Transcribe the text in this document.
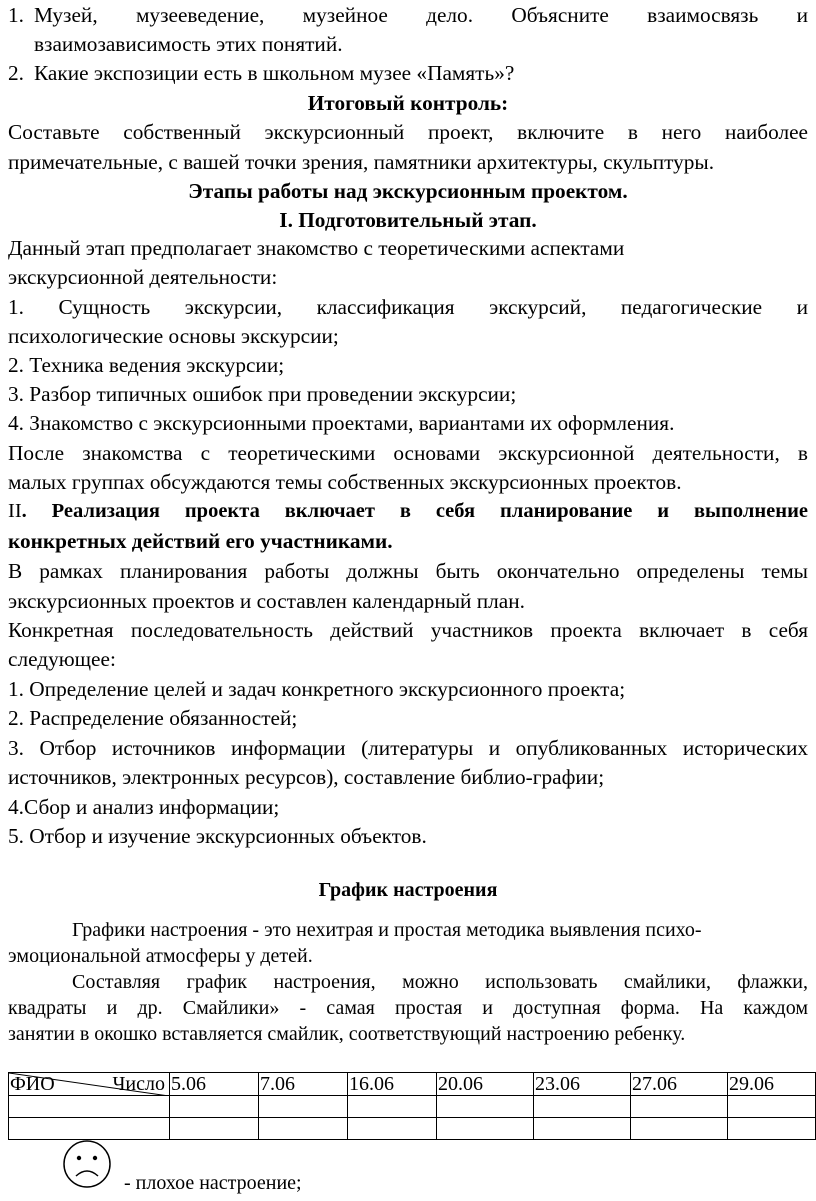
1. Музей, музееведение, музейное дело. Объясните взаимосвязь и
взаимозависимость этих понятий.
2. Какие экспозиции есть в школьном музее «Память»?
Итоговый контроль:
Составьте собственный экскурсионный проект, включите в него наиболее
примечательные, с вашей точки зрения, памятники архитектуры, скульптуры.
Этапы работы над экскурсионным проектом.
I. Подготовительный этап.
Данный этап предполагает знакомство с теоретическими аспектами
экскурсионной деятельности:
1. Сущность экскурсии, классификация экскурсий, педагогические и
психологические основы экскурсии;
2. Техника ведения экскурсии;
3. Разбор типичных ошибок при проведении экскурсии;
4. Знакомство с экскурсионными проектами, вариантами их оформления.
После знакомства с теоретическими основами экскурсионной деятельности, в
малых группах обсуждаются темы собственных экскурсионных проектов.
II. Реализация проекта включает в себя планирование и выполнение
конкретных действий его участниками.
В рамках планирования работы должны быть окончательно определены темы
экскурсионных проектов и составлен календарный план.
Конкретная последовательность действий участников проекта включает в себя
следующее:
1. Определение целей и задач конкретного экскурсионного проекта;
2. Распределение обязанностей;
3. Отбор источников информации (литературы и опубликованных исторических
источников, электронных ресурсов), составление библио-графии;
4.Сбор и анализ информации;
5. Отбор и изучение экскурсионных объектов.
График настроения
Графики настроения - это нехитрая и простая методика выявления психо-
эмоциональной атмосферы у детей.
Составляя график настроения, можно использовать смайлики, флажки,
квадраты и др. Смайлики» - самая простая и доступная форма. На каждом
занятии в окошко вставляется смайлик, соответствующий настроению ребенку.
ФИО Число	5.06	7.06	16.06	20.06	23.06	27.06	29.06

- плохое настроение;
